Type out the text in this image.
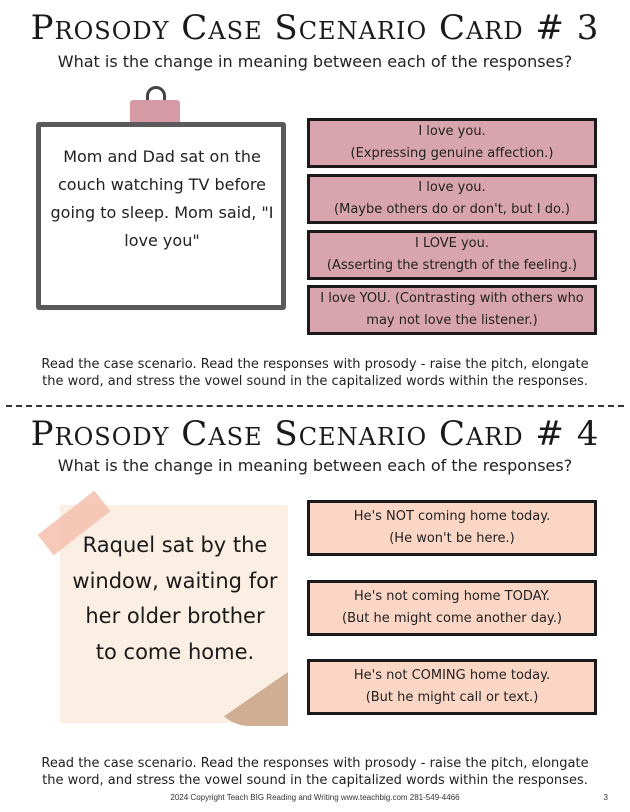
Prosody Case Scenario Card # 3
What is the change in meaning between each of the responses?
Mom and Dad sat on the couch watching TV before going to sleep. Mom said, "I love you"
I love you.
(Expressing genuine affection.)
I love you.
(Maybe others do or don't, but I do.)
I LOVE you.
(Asserting the strength of the feeling.)
I love YOU. (Contrasting with others who
may not love the listener.)
Read the case scenario. Read the responses with prosody - raise the pitch, elongate the word, and stress the vowel sound in the capitalized words within the responses.
Prosody Case Scenario Card # 4
What is the change in meaning between each of the responses?
Raquel sat by the window, waiting for her older brother to come home.
He's NOT coming home today.
(He won't be here.)
He's not coming home TODAY.
(But he might come another day.)
He's not COMING home today.
(But he might call or text.)
Read the case scenario. Read the responses with prosody - raise the pitch, elongate the word, and stress the vowel sound in the capitalized words within the responses.
2024 Copyright Teach BIG Reading and Writing www.teachbig.com 281-549-4466	3
